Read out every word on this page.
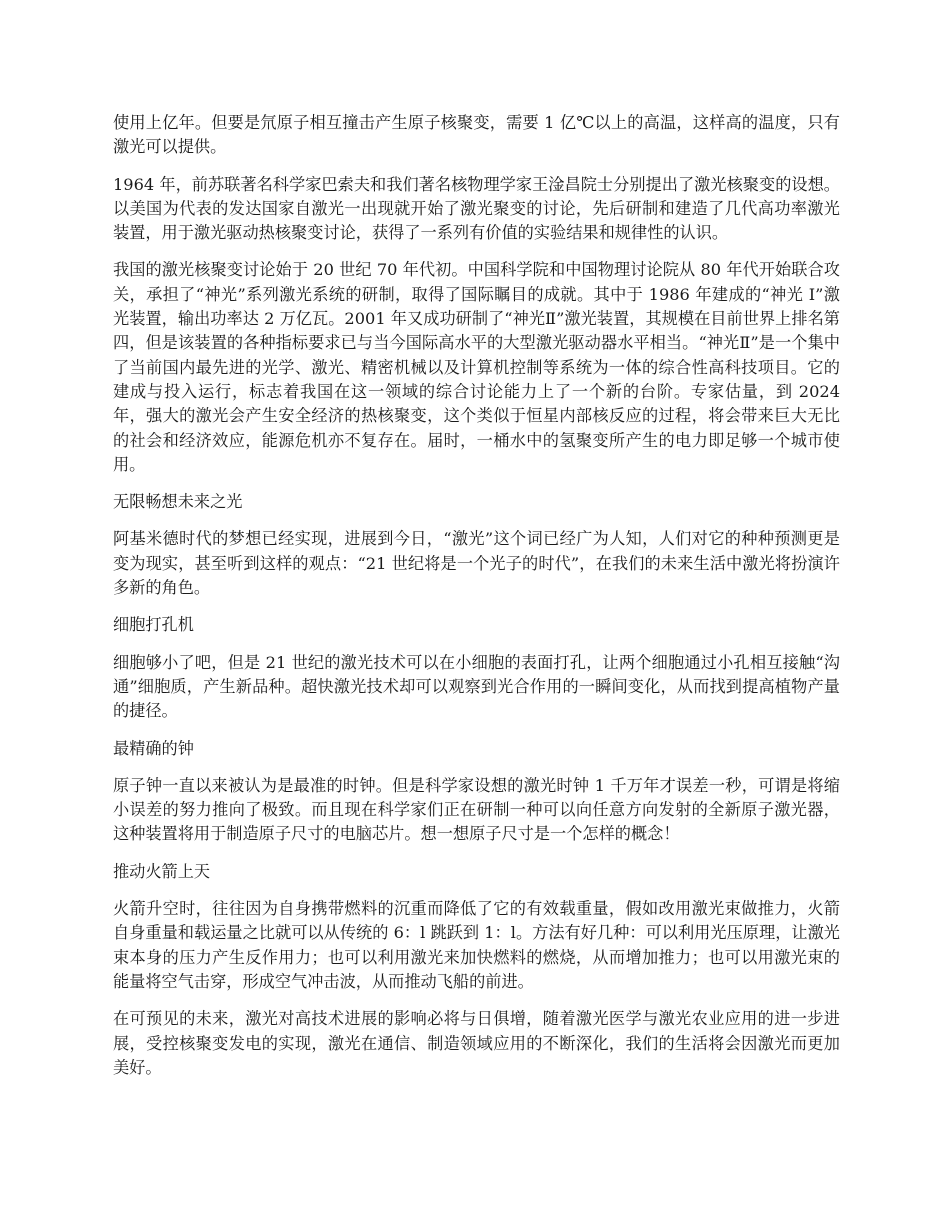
使用上亿年。但要是氘原子相互撞击产生原子核聚变，需要 1 亿℃以上的高温，这样高的温度，只有激光可以提供。

1964 年，前苏联著名科学家巴索夫和我们著名核物理学家王淦昌院士分别提出了激光核聚变的设想。以美国为代表的发达国家自激光一出现就开始了激光聚变的讨论，先后研制和建造了几代高功率激光装置，用于激光驱动热核聚变讨论，获得了一系列有价值的实验结果和规律性的认识。

我国的激光核聚变讨论始于 20 世纪 70 年代初。中国科学院和中国物理讨论院从 80 年代开始联合攻关，承担了“神光”系列激光系统的研制，取得了国际瞩目的成就。其中于 1986 年建成的“神光 I”激光装置，输出功率达 2 万亿瓦。2001 年又成功研制了“神光Ⅱ”激光装置，其规模在目前世界上排名第四，但是该装置的各种指标要求已与当今国际高水平的大型激光驱动器水平相当。“神光Ⅱ”是一个集中了当前国内最先进的光学、激光、精密机械以及计算机控制等系统为一体的综合性高科技项目。它的建成与投入运行，标志着我国在这一领域的综合讨论能力上了一个新的台阶。专家估量，到 2024 年，强大的激光会产生安全经济的热核聚变，这个类似于恒星内部核反应的过程，将会带来巨大无比的社会和经济效应，能源危机亦不复存在。届时，一桶水中的氢聚变所产生的电力即足够一个城市使用。

无限畅想未来之光

阿基米德时代的梦想已经实现，进展到今日，“激光”这个词已经广为人知，人们对它的种种预测更是变为现实，甚至听到这样的观点：“21 世纪将是一个光子的时代”，在我们的未来生活中激光将扮演许多新的角色。

细胞打孔机

细胞够小了吧，但是 21 世纪的激光技术可以在小细胞的表面打孔，让两个细胞通过小孔相互接触“沟通”细胞质，产生新品种。超快激光技术却可以观察到光合作用的一瞬间变化，从而找到提高植物产量的捷径。

最精确的钟

原子钟一直以来被认为是最准的时钟。但是科学家设想的激光时钟 1 千万年才误差一秒，可谓是将缩小误差的努力推向了极致。而且现在科学家们正在研制一种可以向任意方向发射的全新原子激光器，这种装置将用于制造原子尺寸的电脑芯片。想一想原子尺寸是一个怎样的概念！

推动火箭上天

火箭升空时，往往因为自身携带燃料的沉重而降低了它的有效载重量，假如改用激光束做推力，火箭自身重量和载运量之比就可以从传统的 6：l 跳跃到 1：l。方法有好几种：可以利用光压原理，让激光束本身的压力产生反作用力；也可以利用激光来加快燃料的燃烧，从而增加推力；也可以用激光束的能量将空气击穿，形成空气冲击波，从而推动飞船的前进。

在可预见的未来，激光对高技术进展的影响必将与日俱增，随着激光医学与激光农业应用的进一步进展，受控核聚变发电的实现，激光在通信、制造领域应用的不断深化，我们的生活将会因激光而更加美好。
